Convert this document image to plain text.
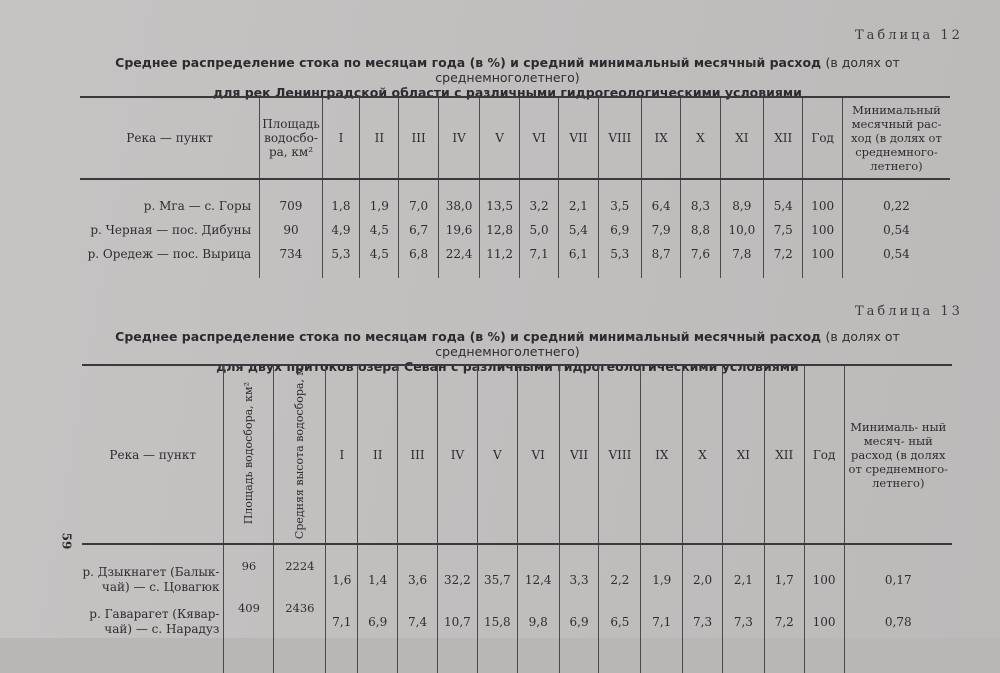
Таблица 12
Среднее распределение стока по месяцам года (в %) и средний минимальный месячный расход (в долях от среднемноголетнего)
для рек Ленинградской области с различными гидрогеологическими условиями
Река — пункт	Площадь водосбо- ра, км²	I	II	III	IV	V	VI	VII	VIII	IX	X	XI	XII	Год	Минимальный месячный рас- ход (в долях от среднемного- летнего)

р. Мга — с. Горы	709	1,8	1,9	7,0	38,0	13,5	3,2	2,1	3,5	6,4	8,3	8,9	5,4	100	0,22
р. Черная — пос. Дибуны	90	4,9	4,5	6,7	19,6	12,8	5,0	5,4	6,9	7,9	8,8	10,0	7,5	100	0,54
р. Оредеж — пос. Вырица	734	5,3	4,5	6,8	22,4	11,2	7,1	6,1	5,3	8,7	7,6	7,8	7,2	100	0,54

Таблица 13
Среднее распределение стока по месяцам года (в %) и средний минимальный месячный расход (в долях от среднемноголетнего)
для двух притоков озера Севан с различными гидрогеологическими условиями
Река — пункт	Площадь водосбора, км²	Средняя высота водосбора, м	I	II	III	IV	V	VI	VII	VIII	IX	X	XI	XII	Год	Минималь- ный месяч- ный расход (в долях от среднемного- летнего)

р. Дзыкнагет (Балык-
чай) — с. Цовагюк	96	2224	1,6	1,4	3,6	32,2	35,7	12,4	3,3	2,2	1,9	2,0	2,1	1,7	100	0,17

р. Гаварагет (Кявар-
чай) — с. Нарадуз	409	2436	7,1	6,9	7,4	10,7	15,8	9,8	6,9	6,5	7,1	7,3	7,3	7,2	100	0,78

59
